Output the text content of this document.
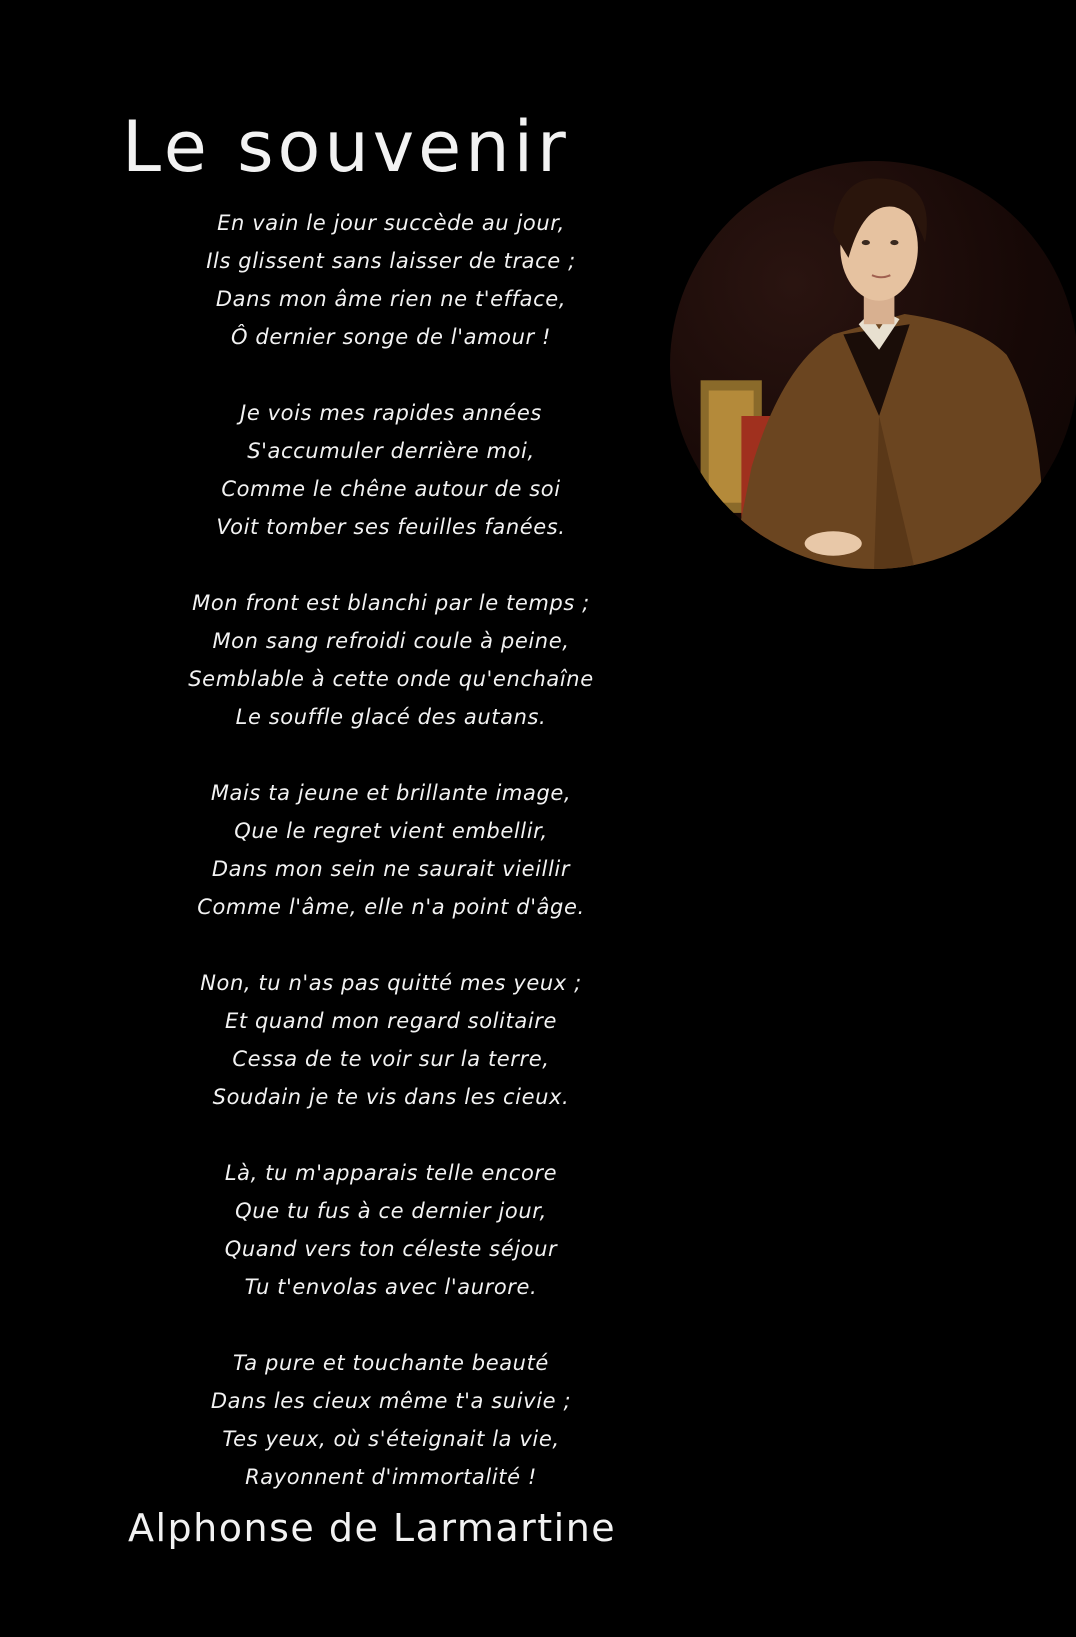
Le souvenir
En vain le jour succède au jour,
Ils glissent sans laisser de trace ;
Dans mon âme rien ne t'efface,
Ô dernier songe de l'amour !
Je vois mes rapides années
S'accumuler derrière moi,
Comme le chêne autour de soi
Voit tomber ses feuilles fanées.
Mon front est blanchi par le temps ;
Mon sang refroidi coule à peine,
Semblable à cette onde qu'enchaîne
Le souffle glacé des autans.
Mais ta jeune et brillante image,
Que le regret vient embellir,
Dans mon sein ne saurait vieillir
Comme l'âme, elle n'a point d'âge.
Non, tu n'as pas quitté mes yeux ;
Et quand mon regard solitaire
Cessa de te voir sur la terre,
Soudain je te vis dans les cieux.
Là, tu m'apparais telle encore
Que tu fus à ce dernier jour,
Quand vers ton céleste séjour
Tu t'envolas avec l'aurore.
Ta pure et touchante beauté
Dans les cieux même t'a suivie ;
Tes yeux, où s'éteignait la vie,
Rayonnent d'immortalité !
Alphonse de Larmartine
